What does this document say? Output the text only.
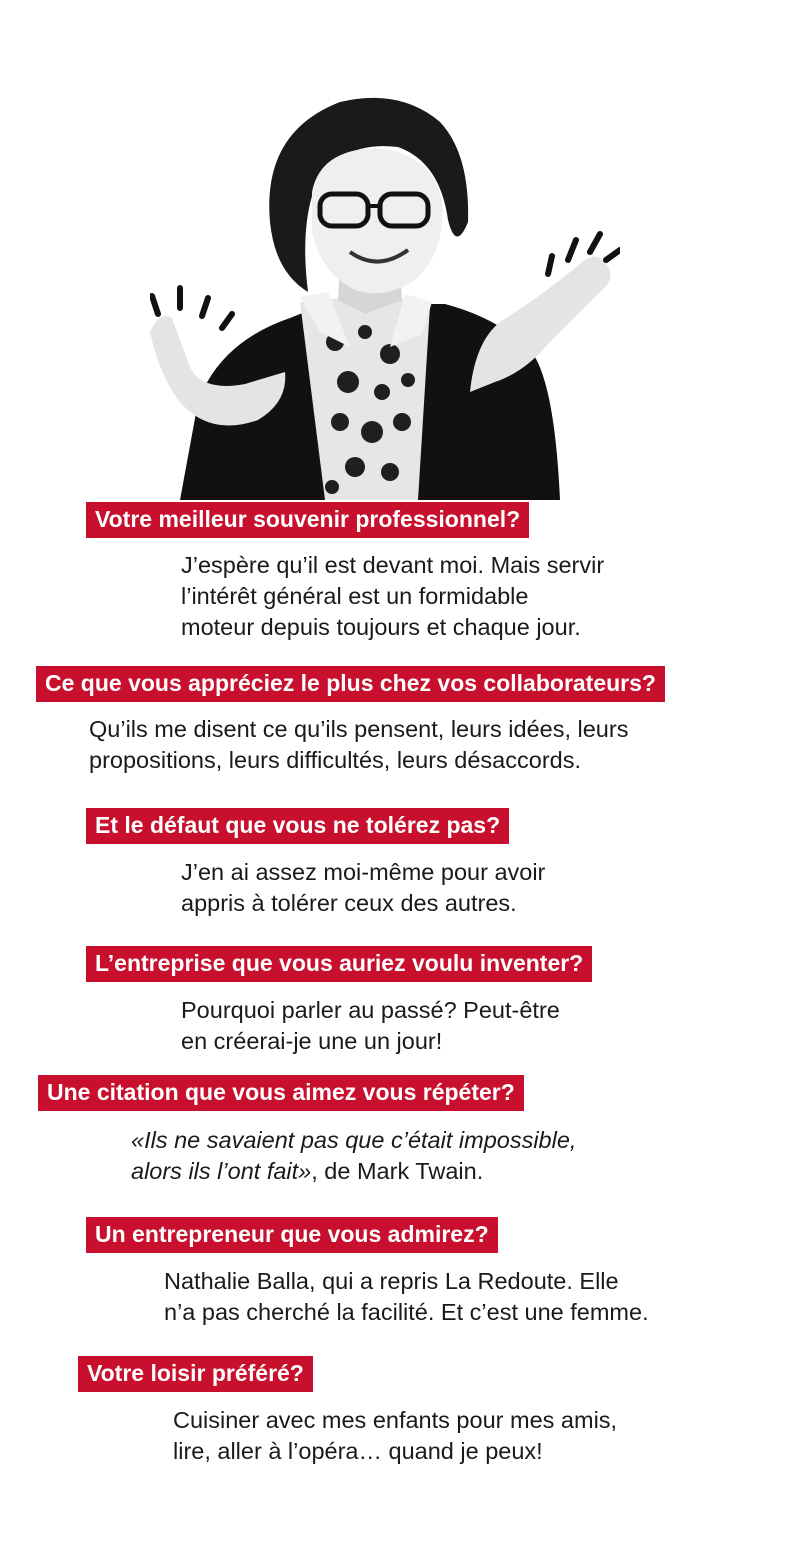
Votre meilleur souvenir professionnel?
J’espère qu’il est devant moi. Mais servir
l’intérêt général est un formidable
moteur depuis toujours et chaque jour.
Ce que vous appréciez le plus chez vos collaborateurs?
Qu’ils me disent ce qu’ils pensent, leurs idées, leurs
propositions, leurs difficultés, leurs désaccords.
Et le défaut que vous ne tolérez pas?
J’en ai assez moi-même pour avoir
appris à tolérer ceux des autres.
L’entreprise que vous auriez voulu inventer?
Pourquoi parler au passé? Peut-être
en créerai-je une un jour!
Une citation que vous aimez vous répéter?
«Ils ne savaient pas que c’était impossible,
alors ils l’ont fait», de Mark Twain.
Un entrepreneur que vous admirez?
Nathalie Balla, qui a repris La Redoute. Elle
n’a pas cherché la facilité. Et c’est une femme.
Votre loisir préféré?
Cuisiner avec mes enfants pour mes amis,
lire, aller à l’opéra… quand je peux!
